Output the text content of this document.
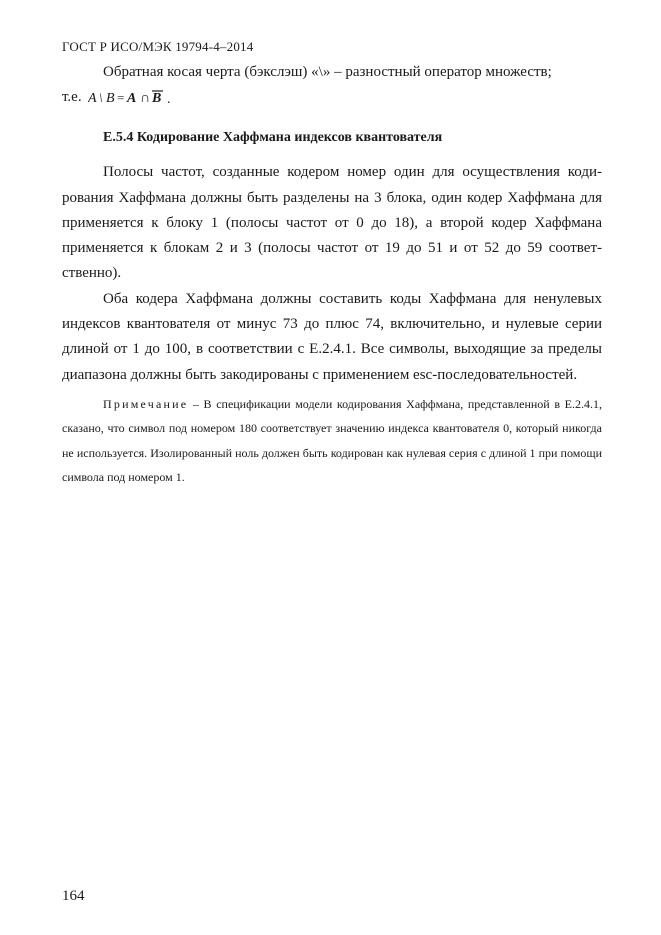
ГОСТ Р ИСО/МЭК 19794-4–2014

Обратная косая черта (бэкслэш) «\» – разностный оператор множеств;

т.е. A \ B = A ∩ B .
Е.5.4 Кодирование Хаффмана индексов квантователя

Полосы частот, созданные кодером номер один для осуществления кодирования Хаффмана должны быть разделены на 3 блока, один кодер Хаффмана для применяется к блоку 1 (полосы частот от 0 до 18), а второй кодер Хаффмана применяется к блокам 2 и 3 (полосы частот от 19 до 51 и от 52 до 59 соответственно).

Оба кодера Хаффмана должны составить коды Хаффмана для ненулевых индексов квантователя от минус 73 до плюс 74, включительно, и нулевые серии длиной от 1 до 100, в соответствии с Е.2.4.1. Все символы, выходящие за пределы диапазона должны быть закодированы с применением esc-последовательностей.

Примечание – В спецификации модели кодирования Хаффмана, представленной в Е.2.4.1, сказано, что символ под номером 180 соответствует значению индекса квантователя 0, который никогда не используется. Изолированный ноль должен быть кодирован как нулевая серия с длиной 1 при помощи символа под номером 1.

164
